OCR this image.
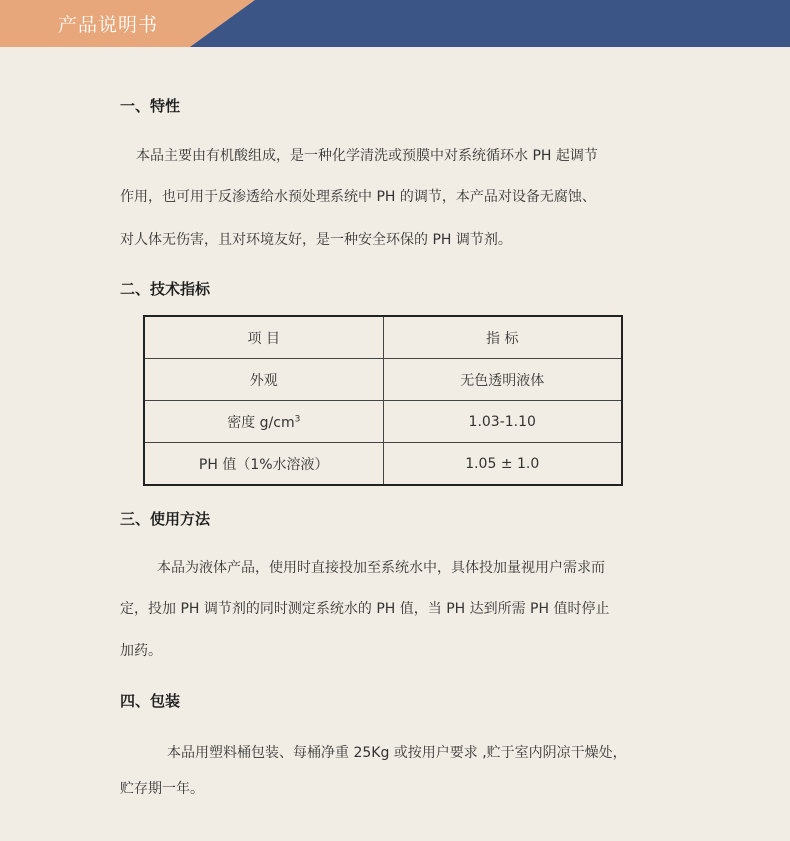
产品说明书
一、特性
本品主要由有机酸组成，是一种化学清洗或预膜中对系统循环水 PH 起调节
作用，也可用于反渗透给水预处理系统中 PH 的调节，本产品对设备无腐蚀、
对人体无伤害，且对环境友好，是一种安全环保的 PH 调节剂。
二、技术指标
项 目	指 标
外观	无色透明液体
密度 $g/cm^3$	1.03-1.10
PH 值（1%水溶液）	1.05 ± 1.0
三、使用方法
本品为液体产品，使用时直接投加至系统水中，具体投加量视用户需求而
定，投加 PH 调节剂的同时测定系统水的 PH 值，当 PH 达到所需 PH 值时停止
加药。
四、包装
本品用塑料桶包装、每桶净重 25Kg 或按用户要求 ,贮于室内阴凉干燥处，
贮存期一年。
